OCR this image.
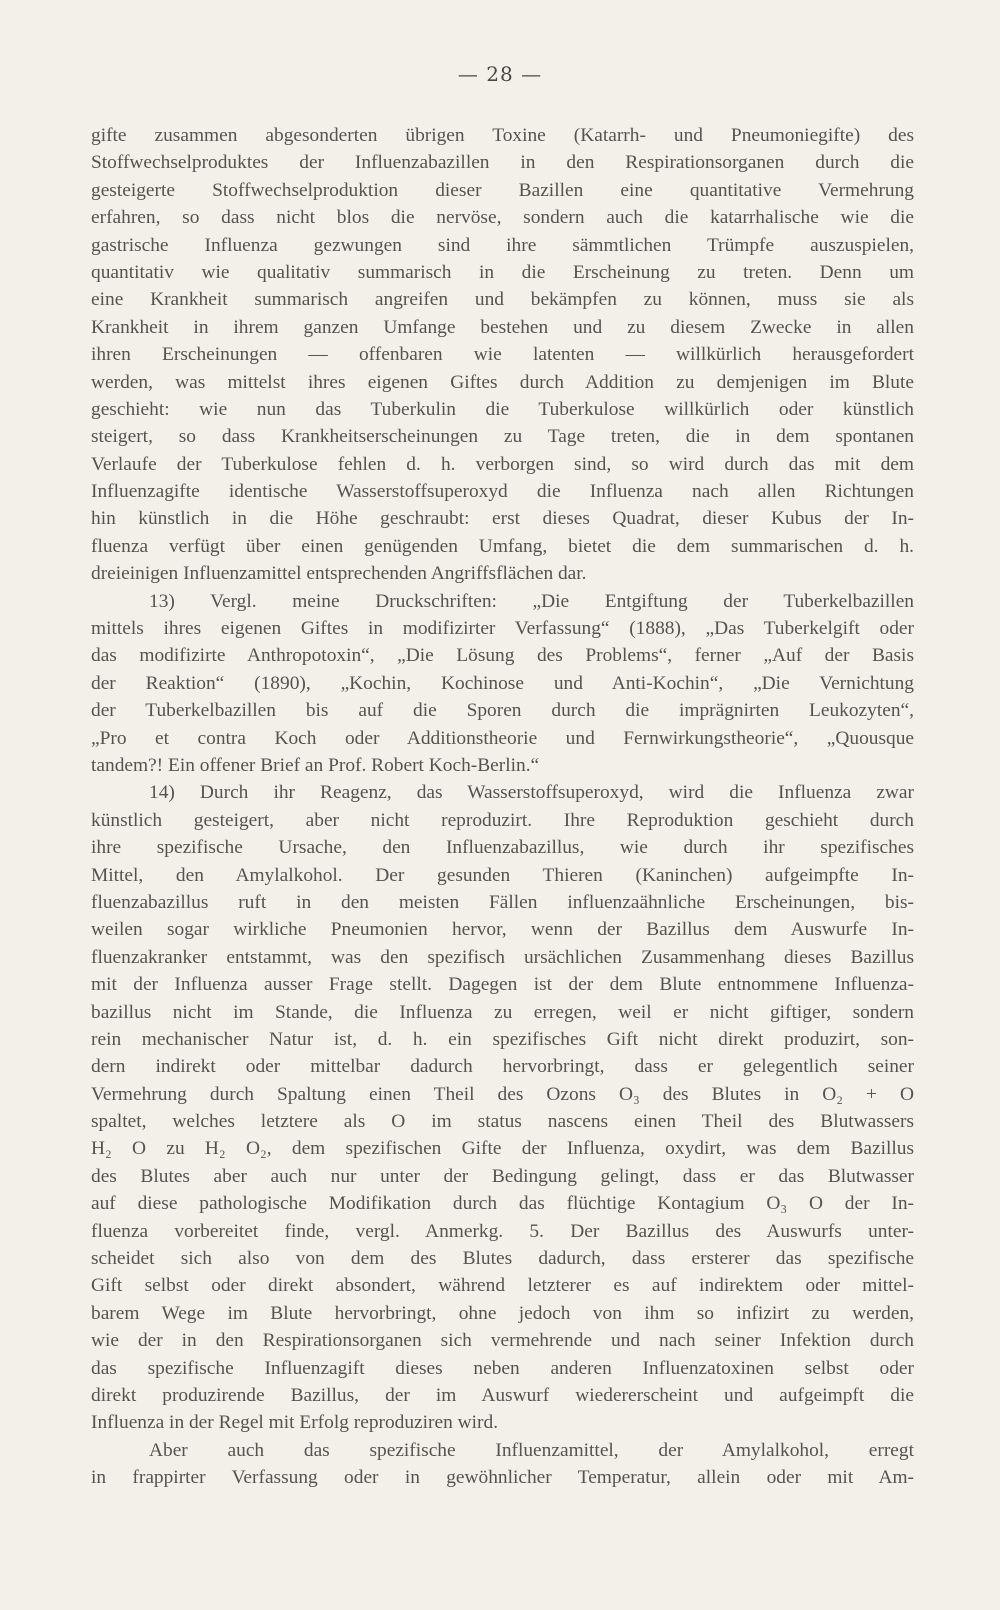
— 28 —
gifte zusammen abgesonderten übrigen Toxine (Katarrh- und Pneumoniegifte) des
Stoffwechselproduktes der Influenzabazillen in den Respirationsorganen durch die
gesteigerte Stoffwechselproduktion dieser Bazillen eine quantitative Vermehrung
erfahren, so dass nicht blos die nervöse, sondern auch die katarrhalische wie die
gastrische Influenza gezwungen sind ihre sämmtlichen Trümpfe auszuspielen,
quantitativ wie qualitativ summarisch in die Erscheinung zu treten. Denn um
eine Krankheit summarisch angreifen und bekämpfen zu können, muss sie als
Krankheit in ihrem ganzen Umfange bestehen und zu diesem Zwecke in allen
ihren Erscheinungen — offenbaren wie latenten — willkürlich herausgefordert
werden, was mittelst ihres eigenen Giftes durch Addition zu demjenigen im Blute
geschieht: wie nun das Tuberkulin die Tuberkulose willkürlich oder künstlich
steigert, so dass Krankheitserscheinungen zu Tage treten, die in dem spontanen
Verlaufe der Tuberkulose fehlen d. h. verborgen sind, so wird durch das mit dem
Influenzagifte identische Wasserstoffsuperoxyd die Influenza nach allen Richtungen
hin künstlich in die Höhe geschraubt: erst dieses Quadrat, dieser Kubus der In-
fluenza verfügt über einen genügenden Umfang, bietet die dem summarischen d. h.
dreieinigen Influenzamittel entsprechenden Angriffsflächen dar.
13) Vergl. meine Druckschriften: „Die Entgiftung der Tuberkelbazillen
mittels ihres eigenen Giftes in modifizirter Verfassung“ (1888), „Das Tuberkelgift oder
das modifizirte Anthropotoxin“, „Die Lösung des Problems“, ferner „Auf der Basis
der Reaktion“ (1890), „Kochin, Kochinose und Anti-Kochin“, „Die Vernichtung
der Tuberkelbazillen bis auf die Sporen durch die imprägnirten Leukozyten“,
„Pro et contra Koch oder Additionstheorie und Fernwirkungstheorie“, „Quousque
tandem?! Ein offener Brief an Prof. Robert Koch-Berlin.“
14) Durch ihr Reagenz, das Wasserstoffsuperoxyd, wird die Influenza zwar
künstlich gesteigert, aber nicht reproduzirt. Ihre Reproduktion geschieht durch
ihre spezifische Ursache, den Influenzabazillus, wie durch ihr spezifisches
Mittel, den Amylalkohol. Der gesunden Thieren (Kaninchen) aufgeimpfte In-
fluenzabazillus ruft in den meisten Fällen influenzaähnliche Erscheinungen, bis-
weilen sogar wirkliche Pneumonien hervor, wenn der Bazillus dem Auswurfe In-
fluenzakranker entstammt, was den spezifisch ursächlichen Zusammenhang dieses Bazillus
mit der Influenza ausser Frage stellt. Dagegen ist der dem Blute entnommene Influenza-
bazillus nicht im Stande, die Influenza zu erregen, weil er nicht giftiger, sondern
rein mechanischer Natur ist, d. h. ein spezifisches Gift nicht direkt produzirt, son-
dern indirekt oder mittelbar dadurch hervorbringt, dass er gelegentlich seiner
Vermehrung durch Spaltung einen Theil des Ozons O₃ des Blutes in O₂ + O
spaltet, welches letztere als O im status nascens einen Theil des Blutwassers
H₂ O zu H₂ O₂, dem spezifischen Gifte der Influenza, oxydirt, was dem Bazillus
des Blutes aber auch nur unter der Bedingung gelingt, dass er das Blutwasser
auf diese pathologische Modifikation durch das flüchtige Kontagium O₃ O der In-
fluenza vorbereitet finde, vergl. Anmerkg. 5. Der Bazillus des Auswurfs unter-
scheidet sich also von dem des Blutes dadurch, dass ersterer das spezifische
Gift selbst oder direkt absondert, während letzterer es auf indirektem oder mittel-
barem Wege im Blute hervorbringt, ohne jedoch von ihm so infizirt zu werden,
wie der in den Respirationsorganen sich vermehrende und nach seiner Infektion durch
das spezifische Influenzagift dieses neben anderen Influenzatoxinen selbst oder
direkt produzirende Bazillus, der im Auswurf wiedererscheint und aufgeimpft die
Influenza in der Regel mit Erfolg reproduziren wird.
Aber auch das spezifische Influenzamittel, der Amylalkohol, erregt
in frappirter Verfassung oder in gewöhnlicher Temperatur, allein oder mit Am-
